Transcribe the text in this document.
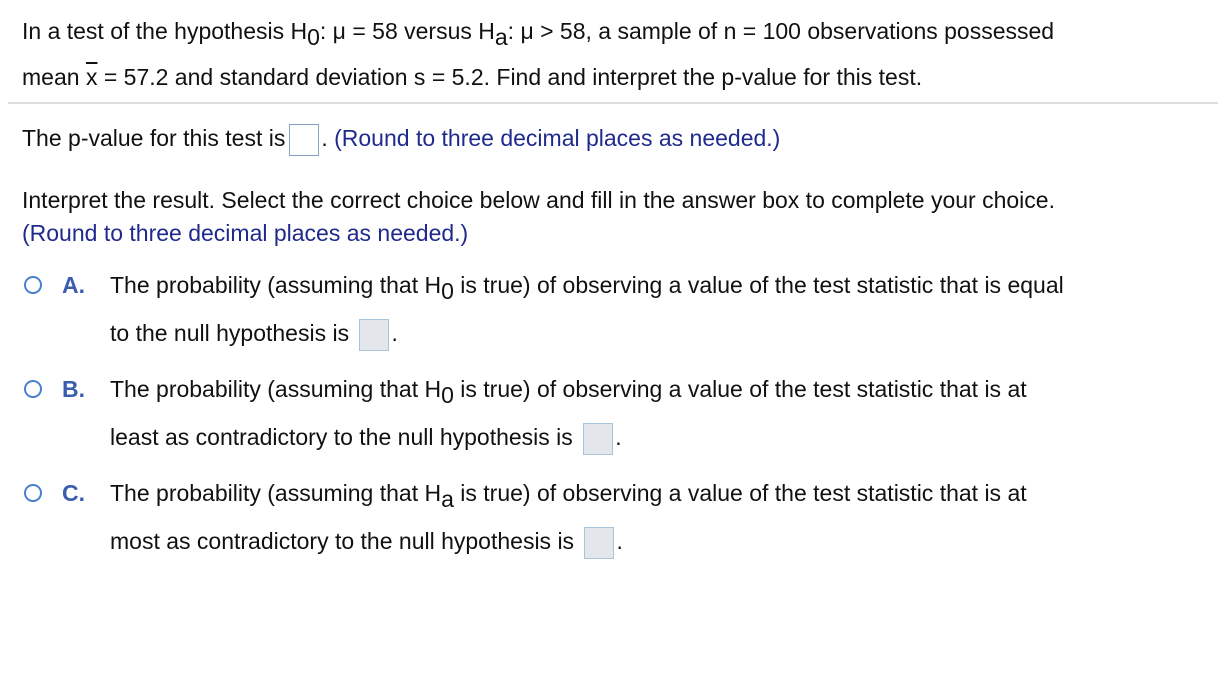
In a test of the hypothesis $H_0$: μ = 58 versus $H_a$: μ > 58, a sample of n = 100 observations possessed
mean $\overline{x} = 57.2$ and standard deviation s = 5.2. Find and interpret the p-value for this test.
The p-value for this test is . (Round to three decimal places as needed.)
Interpret the result. Select the correct choice below and fill in the answer box to complete your choice.
(Round to three decimal places as needed.)
A. The probability (assuming that $H_0$ is true) of observing a value of the test statistic that is equal
to the null hypothesis is .
B. The probability (assuming that $H_0$ is true) of observing a value of the test statistic that is at
least as contradictory to the null hypothesis is .
C. The probability (assuming that $H_a$ is true) of observing a value of the test statistic that is at
most as contradictory to the null hypothesis is .
